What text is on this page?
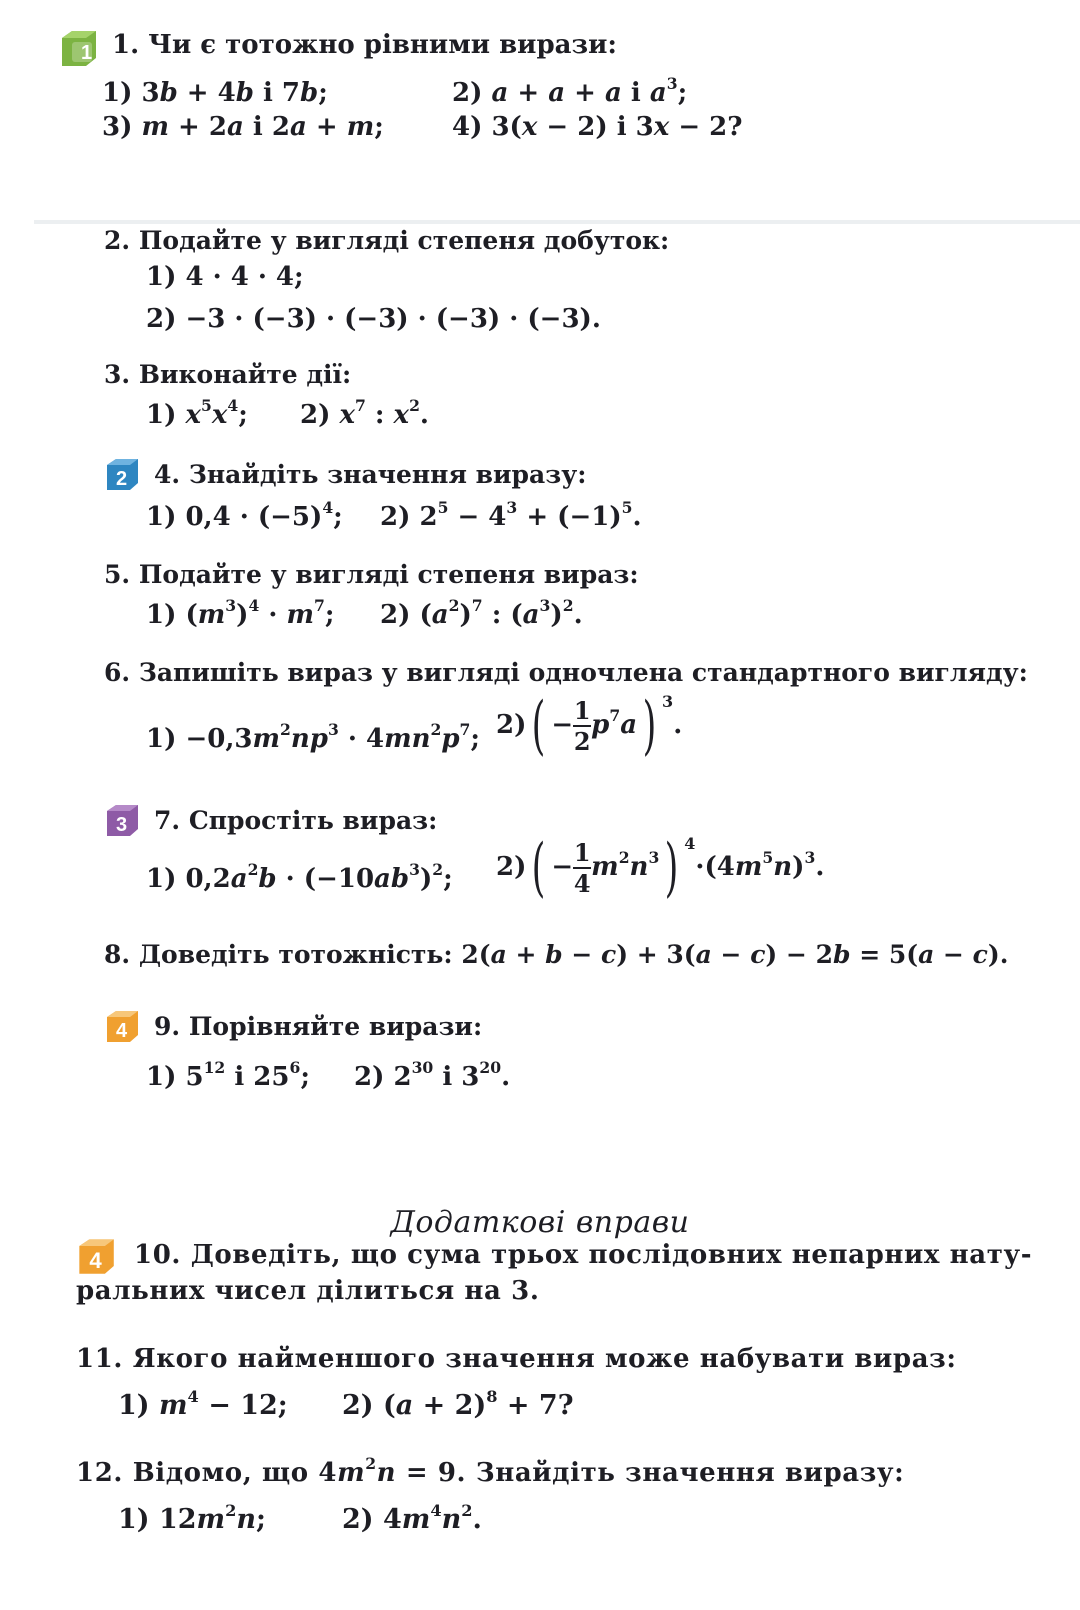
1 1. Чи є тотожно рівними вирази:
1) 3b + 4b і 7b;	2) a + a + a і $a^3$;
3) m + 2a і 2a + m;	4) 3(x − 2) і 3x − 2?
2. Подайте у вигляді степеня добуток:
1) 4 · 4 · 4;
2) −3 · (−3) · (−3) · (−3) · (−3).
3. Виконайте дії:
1) $x^5x^4$; 2) $x^7$ : $x^2$.
2 4. Знайдіть значення виразу:
1) $0,4 \cdot (-5)^4$; 2) $2^5 - 4^3 + (-1)^5$.
5. Подайте у вигляді степеня вираз:
1) $(m^3)^4 \cdot m^7$; 2) $(a^2)^7$ : $(a^3)^2$.
6. Запишіть вираз у вигляді одночлена стандартного вигляду:
$1) -0,3m^2np^3 \cdot 4mn^2p^7$; $2)( - \frac{1}{2} p^7a)$ $^3$.
3 7. Спростіть вираз:
1) $0,2a^2b \cdot (-10ab^3)^2$; $2)( - \frac{1}{4} m^2n^3)$ $^4\cdot(4m^5n)^3$.
8. Доведіть тотожність: 2(a + b − c) + 3(a − c) − 2b = 5(a − c).
4 9. Порівняйте вирази:
1) $5^{12}$ і $25^6$; 2) $2^{30}$ і $3^{20}$.
Додаткові вправи
4 10. Доведіть, що сума трьох послідовних непарних нату-
ральних чисел ділиться на 3.
11. Якого найменшого значення може набувати вираз:
1) $m^4 - 12$; 2) $(a + 2)^8 + 7$?
12. Відомо, що $4m^2n = 9$. Знайдіть значення виразу:
1) $12m^2n$;	2) $4m^4n^2$.
